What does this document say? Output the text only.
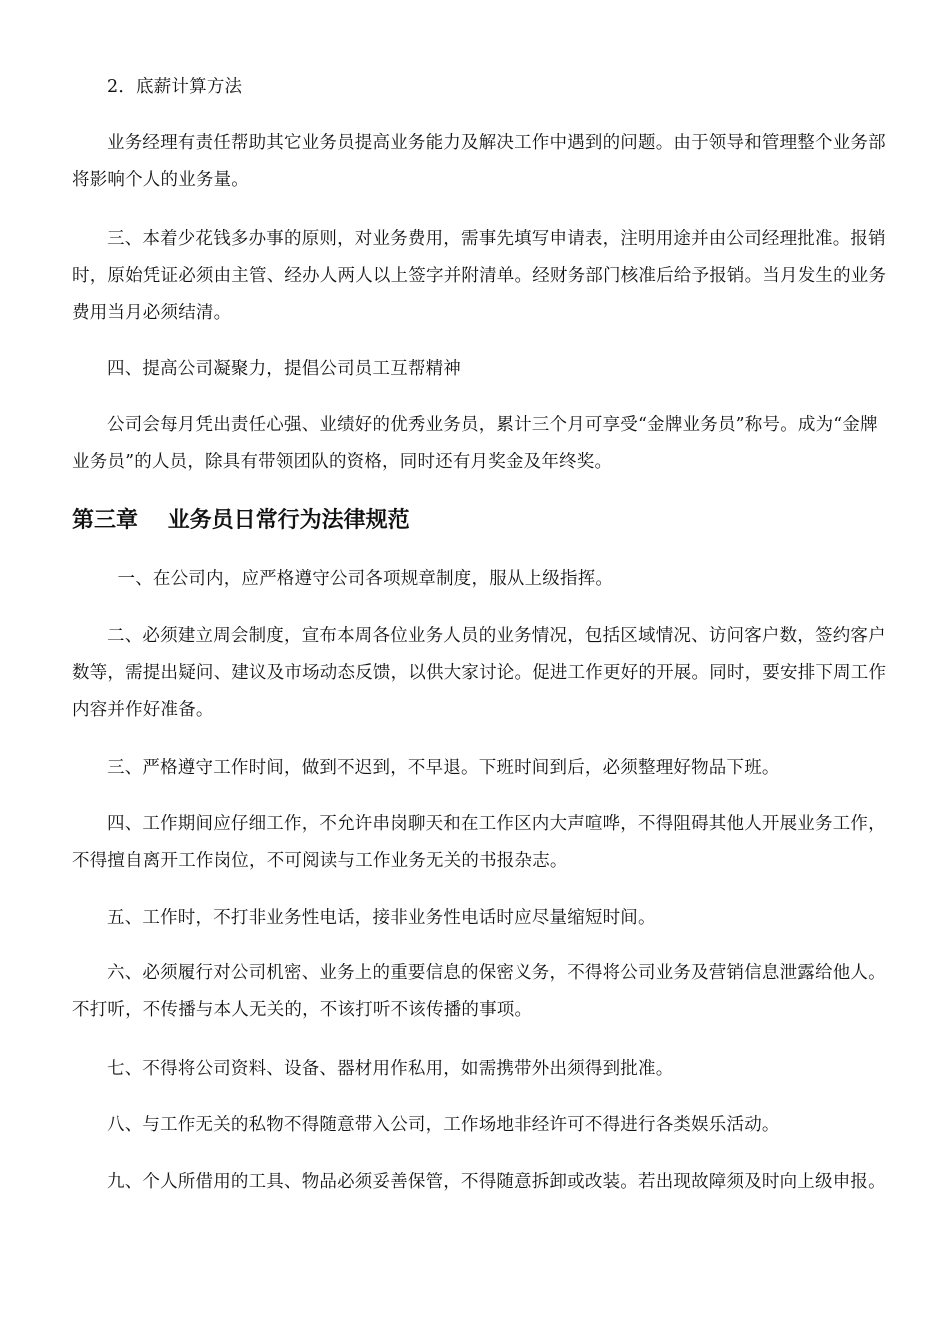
2．底薪计算方法

业务经理有责任帮助其它业务员提高业务能力及解决工作中遇到的问题。由于领导和管理整个业务部将影响个人的业务量。

三、本着少花钱多办事的原则，对业务费用，需事先填写申请表，注明用途并由公司经理批准。报销时，原始凭证必须由主管、经办人两人以上签字并附清单。经财务部门核准后给予报销。当月发生的业务费用当月必须结清。

四、提高公司凝聚力，提倡公司员工互帮精神

公司会每月凭出责任心强、业绩好的优秀业务员，累计三个月可享受“金牌业务员”称号。成为“金牌业务员”的人员，除具有带领团队的资格，同时还有月奖金及年终奖。

第三章　 业务员日常行为法律规范

一、在公司内，应严格遵守公司各项规章制度，服从上级指挥。

二、必须建立周会制度，宣布本周各位业务人员的业务情况，包括区域情况、访问客户数，签约客户数等，需提出疑问、建议及市场动态反馈，以供大家讨论。促进工作更好的开展。同时，要安排下周工作内容并作好准备。

三、严格遵守工作时间，做到不迟到，不早退。下班时间到后，必须整理好物品下班。

四、工作期间应仔细工作，不允许串岗聊天和在工作区内大声喧哗，不得阻碍其他人开展业务工作，不得擅自离开工作岗位，不可阅读与工作业务无关的书报杂志。

五、工作时，不打非业务性电话，接非业务性电话时应尽量缩短时间。

六、必须履行对公司机密、业务上的重要信息的保密义务，不得将公司业务及营销信息泄露给他人。不打听，不传播与本人无关的，不该打听不该传播的事项。

七、不得将公司资料、设备、器材用作私用，如需携带外出须得到批准。

八、与工作无关的私物不得随意带入公司，工作场地非经许可不得进行各类娱乐活动。

九、个人所借用的工具、物品必须妥善保管，不得随意拆卸或改装。若出现故障须及时向上级申报。
